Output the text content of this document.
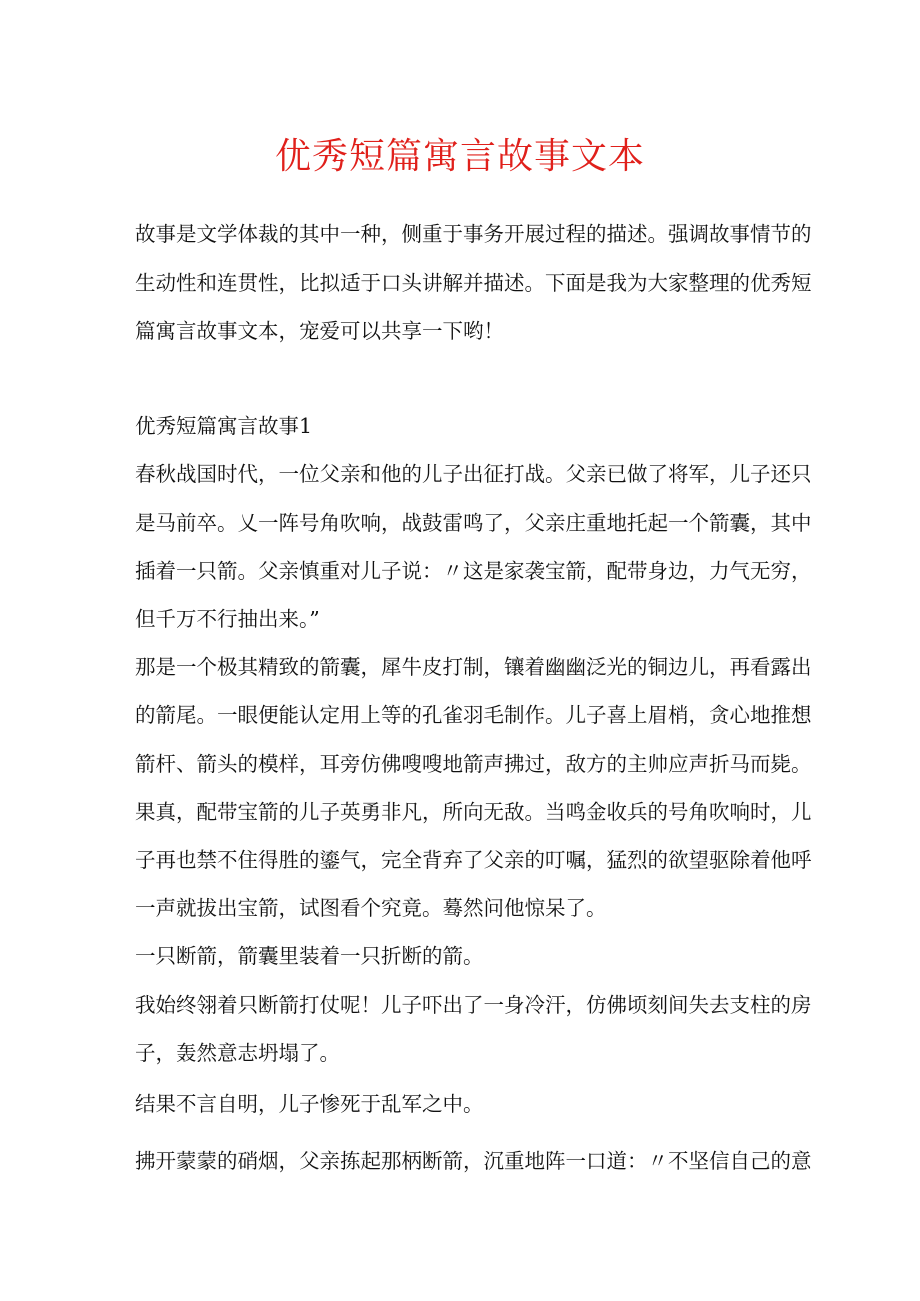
优秀短篇寓言故事文本

故事是文学体裁的其中一种，侧重于事务开展过程的描述。强调故事情节的

生动性和连贯性，比拟适于口头讲解并描述。下面是我为大家整理的优秀短

篇寓言故事文本，宠爱可以共享一下哟！

优秀短篇寓言故事1

春秋战国时代，一位父亲和他的儿子出征打战。父亲已做了将军，儿子还只

是马前卒。乂一阵号角吹响，战鼓雷鸣了，父亲庄重地托起一个箭囊，其中

插着一只箭。父亲慎重对儿子说：〃这是家袭宝箭，配带身边，力气无穷，

但千万不行抽出来。”

那是一个极其精致的箭囊，犀牛皮打制，镶着幽幽泛光的铜边儿，再看露出

的箭尾。一眼便能认定用上等的孔雀羽毛制作。儿子喜上眉梢，贪心地推想

箭杆、箭头的模样，耳旁仿佛嗖嗖地箭声拂过，敌方的主帅应声折马而毙。

果真，配带宝箭的儿子英勇非凡，所向无敌。当鸣金收兵的号角吹响时，儿

子再也禁不住得胜的鎏气，完全背弃了父亲的叮嘱，猛烈的欲望驱除着他呼

一声就拔出宝箭，试图看个究竟。蓦然问他惊呆了。

一只断箭，箭囊里装着一只折断的箭。

我始终翎着只断箭打仗呢！儿子吓出了一身冷汗，仿佛顷刻间失去支柱的房

子，轰然意志坍塌了。

结果不言自明，儿子惨死于乱军之中。

拂开蒙蒙的硝烟，父亲拣起那柄断箭，沉重地阵一口道：〃不坚信自己的意
